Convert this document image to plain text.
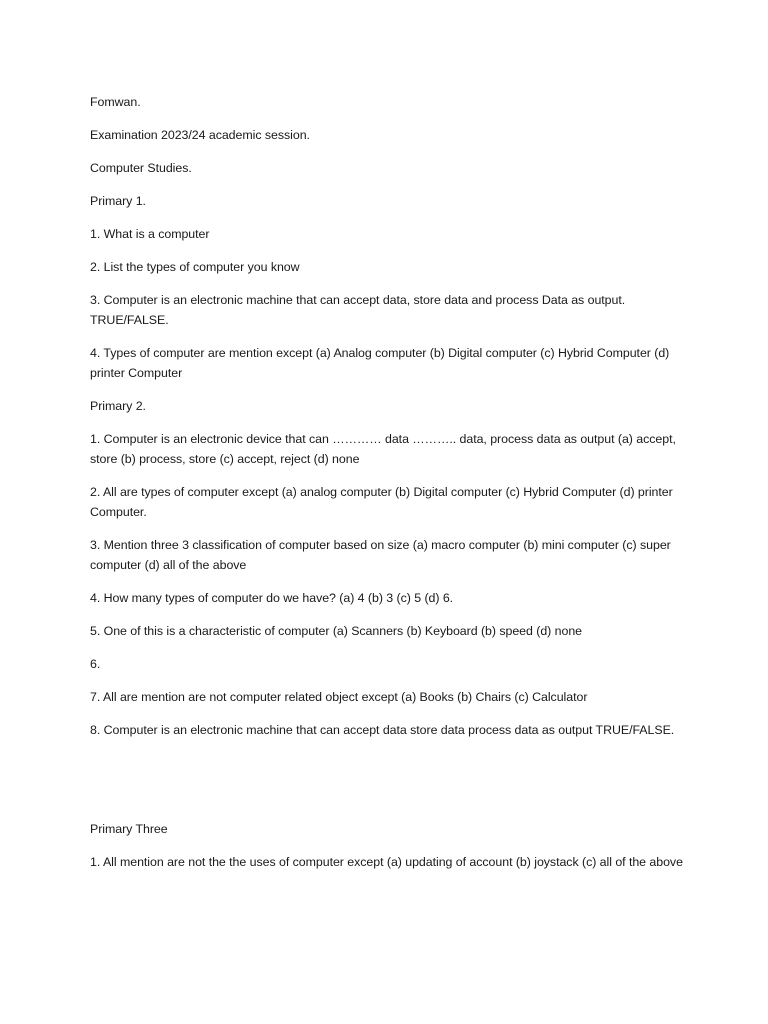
Fomwan.

Examination 2023/24 academic session.

Computer Studies.

Primary 1.

1. What is a computer

2. List the types of computer you know

3. Computer is an electronic machine that can accept data, store data and process Data as output. TRUE/FALSE.

4. Types of computer are mention except (a) Analog computer (b) Digital computer (c) Hybrid Computer (d) printer Computer

Primary 2.

1. Computer is an electronic device that can ………… data ……….. data, process data as output (a) accept, store (b) process, store (c) accept, reject (d) none

2. All are types of computer except (a) analog computer (b) Digital computer (c) Hybrid Computer (d) printer Computer.

3. Mention three 3 classification of computer based on size (a) macro computer (b) mini computer (c) super computer (d) all of the above

4. How many types of computer do we have? (a) 4 (b) 3 (c) 5 (d) 6.

5. One of this is a characteristic of computer (a) Scanners (b) Keyboard (b) speed (d) none

6.

7. All are mention are not computer related object except (a) Books (b) Chairs (c) Calculator

8. Computer is an electronic machine that can accept data store data process data as output TRUE/FALSE.

Primary Three

1. All mention are not the the uses of computer except (a) updating of account (b) joystack (c) all of the above
